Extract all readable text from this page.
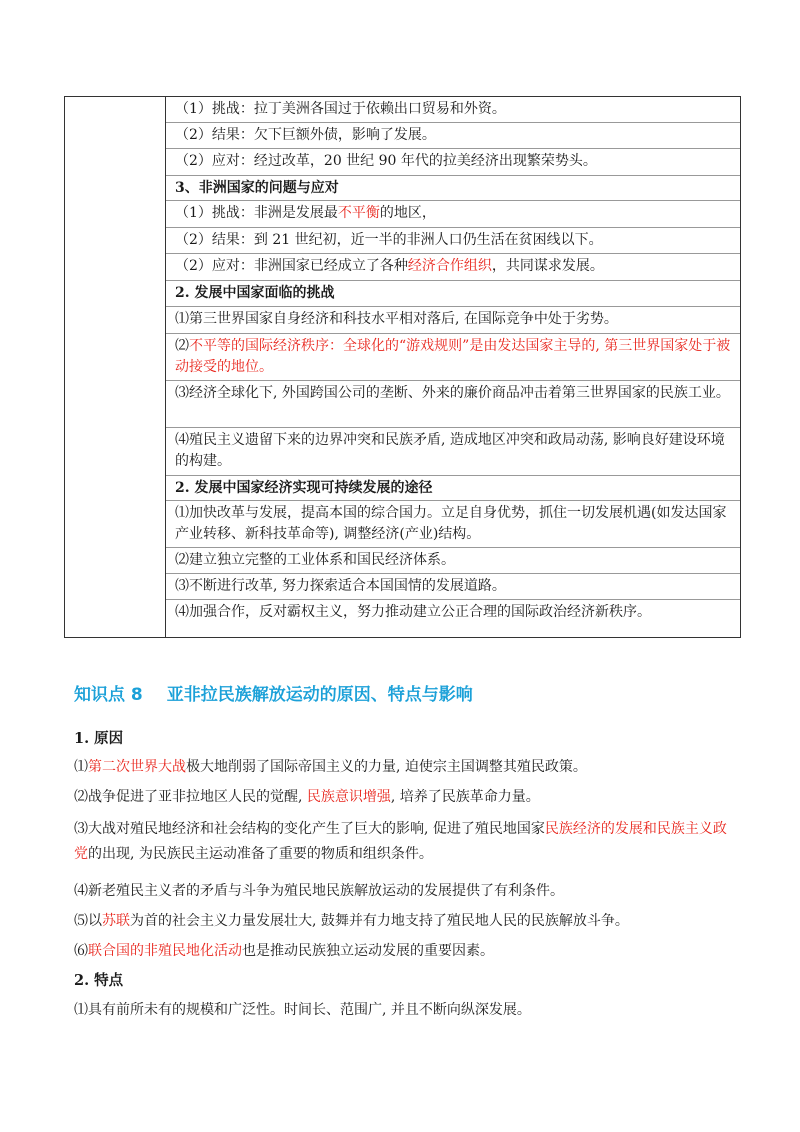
（1）挑战：拉丁美洲各国过于依赖出口贸易和外资。
（2）结果：欠下巨额外债，影响了发展。
（2）应对：经过改革，20 世纪 90 年代的拉美经济出现繁荣势头。
3、非洲国家的问题与应对
（1）挑战：非洲是发展最不平衡的地区，
（2）结果：到 21 世纪初，近一半的非洲人口仍生活在贫困线以下。
（2）应对：非洲国家已经成立了各种经济合作组织，共同谋求发展。
2. 发展中国家面临的挑战
⑴第三世界国家自身经济和科技水平相对落后, 在国际竞争中处于劣势。
⑵不平等的国际经济秩序：全球化的“游戏规则”是由发达国家主导的, 第三世界国家处于被动接受的地位。
⑶经济全球化下, 外国跨国公司的垄断、外来的廉价商品冲击着第三世界国家的民族工业。
⑷殖民主义遗留下来的边界冲突和民族矛盾, 造成地区冲突和政局动荡, 影响良好建设环境的构建。
2. 发展中国家经济实现可持续发展的途径
⑴加快改革与发展，提高本国的综合国力。立足自身优势，抓住一切发展机遇(如发达国家产业转移、新科技革命等), 调整经济(产业)结构。
⑵建立独立完整的工业体系和国民经济体系。
⑶不断进行改革, 努力探索适合本国国情的发展道路。
⑷加强合作，反对霸权主义，努力推动建立公正合理的国际政治经济新秩序。
知识点 8 亚非拉民族解放运动的原因、特点与影响
1. 原因
⑴第二次世界大战极大地削弱了国际帝国主义的力量, 迫使宗主国调整其殖民政策。
⑵战争促进了亚非拉地区人民的觉醒, 民族意识增强, 培养了民族革命力量。
⑶大战对殖民地经济和社会结构的变化产生了巨大的影响, 促进了殖民地国家民族经济的发展和民族主义政党的出现, 为民族民主运动准备了重要的物质和组织条件。
⑷新老殖民主义者的矛盾与斗争为殖民地民族解放运动的发展提供了有利条件。
⑸以苏联为首的社会主义力量发展壮大, 鼓舞并有力地支持了殖民地人民的民族解放斗争。
⑹联合国的非殖民地化活动也是推动民族独立运动发展的重要因素。
2. 特点
⑴具有前所未有的规模和广泛性。时间长、范围广, 并且不断向纵深发展。
